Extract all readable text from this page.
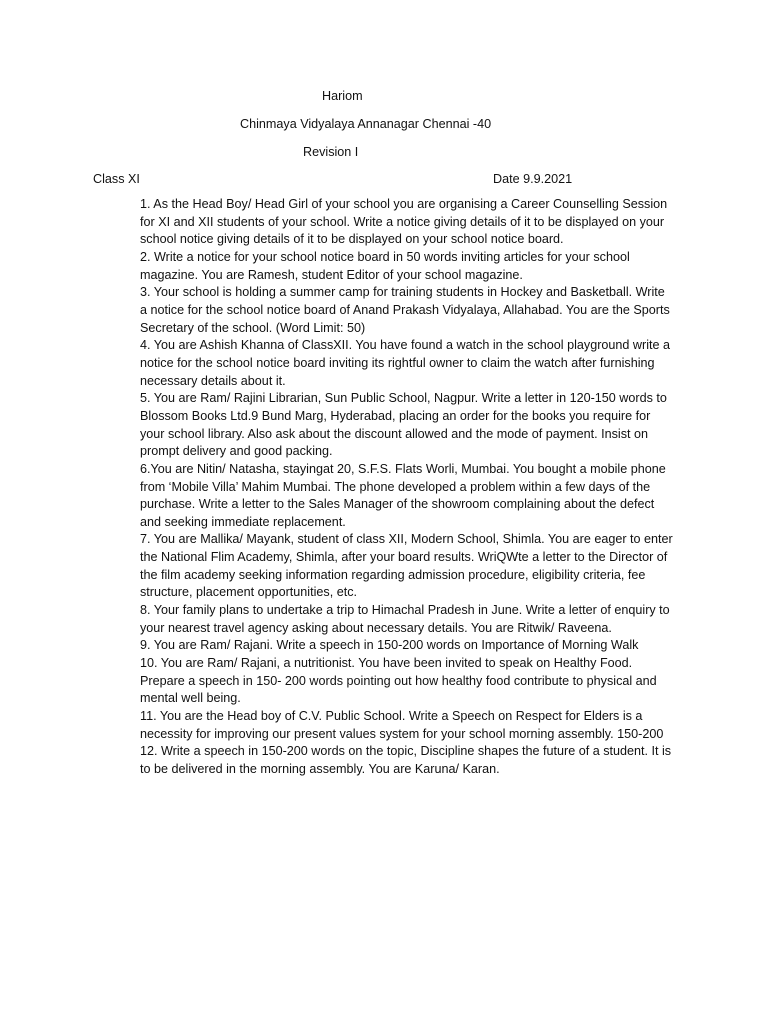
Hariom
Chinmaya Vidyalaya Annanagar Chennai -40
Revision I
Class XI	Date 9.9.2021

1. As the Head Boy/ Head Girl of your school you are organising a Career Counselling Session for XI and XII students of your school. Write a notice giving details of it to be displayed on your school notice giving details of it to be displayed on your school notice board.

2. Write a notice for your school notice board in 50 words inviting articles for your school magazine. You are Ramesh, student Editor of your school magazine.

3. Your school is holding a summer camp for training students in Hockey and Basketball. Write a notice for the school notice board of Anand Prakash Vidyalaya, Allahabad. You are the Sports Secretary of the school. (Word Limit: 50)

4. You are Ashish Khanna of ClassXII. You have found a watch in the school playground write a notice for the school notice board inviting its rightful owner to claim the watch after furnishing necessary details about it.

5. You are Ram/ Rajini Librarian, Sun Public School, Nagpur. Write a letter in 120-150 words to Blossom Books Ltd.9 Bund Marg, Hyderabad, placing an order for the books you require for your school library. Also ask about the discount allowed and the mode of payment. Insist on prompt delivery and good packing.

6.You are Nitin/ Natasha, stayingat 20, S.F.S. Flats Worli, Mumbai. You bought a mobile phone from ‘Mobile Villa’ Mahim Mumbai. The phone developed a problem within a few days of the purchase. Write a letter to the Sales Manager of the showroom complaining about the defect and seeking immediate replacement.

7. You are Mallika/ Mayank, student of class XII, Modern School, Shimla. You are eager to enter the National Flim Academy, Shimla, after your board results. WriQWte a letter to the Director of the film academy seeking information regarding admission procedure, eligibility criteria, fee structure, placement opportunities, etc.

8. Your family plans to undertake a trip to Himachal Pradesh in June. Write a letter of enquiry to your nearest travel agency asking about necessary details. You are Ritwik/ Raveena.

9. You are Ram/ Rajani. Write a speech in 150-200 words on Importance of Morning Walk

10. You are Ram/ Rajani, a nutritionist. You have been invited to speak on Healthy Food. Prepare a speech in 150- 200 words pointing out how healthy food contribute to physical and mental well being.

11. You are the Head boy of C.V. Public School. Write a Speech on Respect for Elders is a necessity for improving our present values system for your school morning assembly. 150-200

12. Write a speech in 150-200 words on the topic, Discipline shapes the future of a student. It is to be delivered in the morning assembly. You are Karuna/ Karan.
